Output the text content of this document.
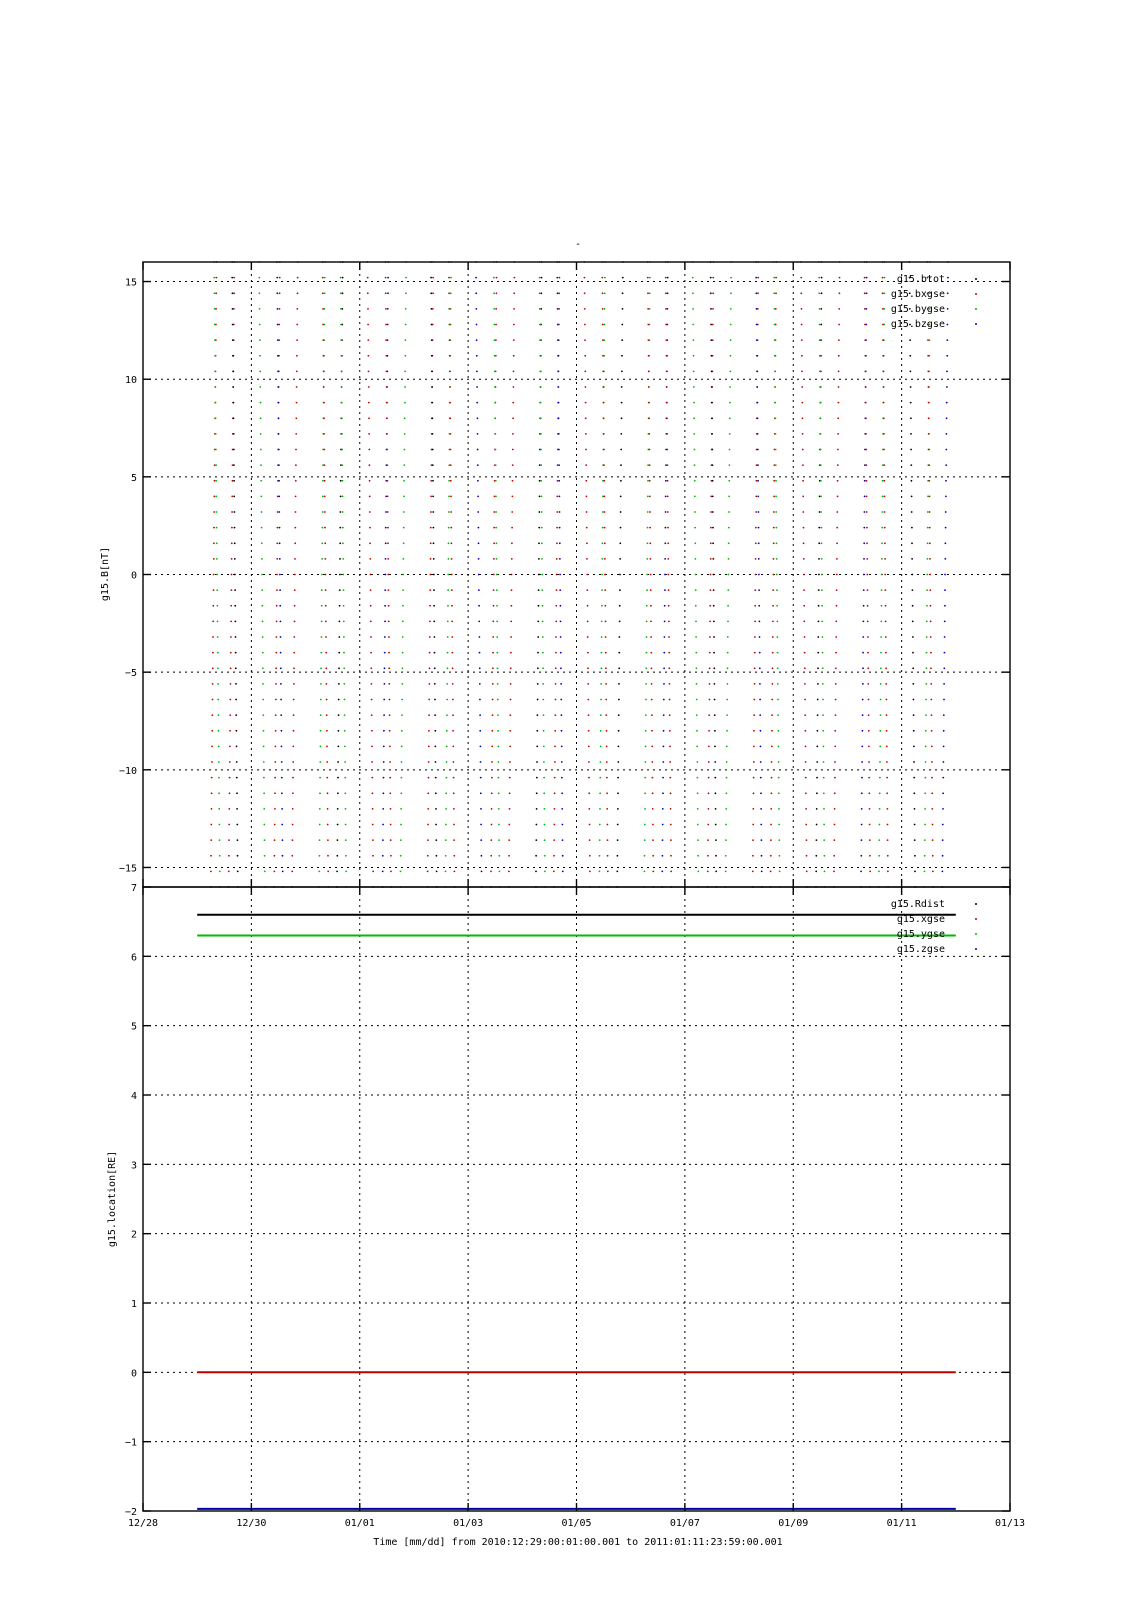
-
−15
−10
−5
0
5
10
15
g15.B[nT]
g15.btot
g15.bxgse
g15.bygse
g15.bzgse
−2
−1
0
1
2
3
4
5
6
7
g15.location[RE]
g15.Rdist
g15.xgse
g15.ygse
g15.zgse
12/28	12/30	01/01	01/03	01/05	01/07	01/09	01/11	01/13
Time [mm/dd] from 2010:12:29:00:01:00.001 to 2011:01:11:23:59:00.001
